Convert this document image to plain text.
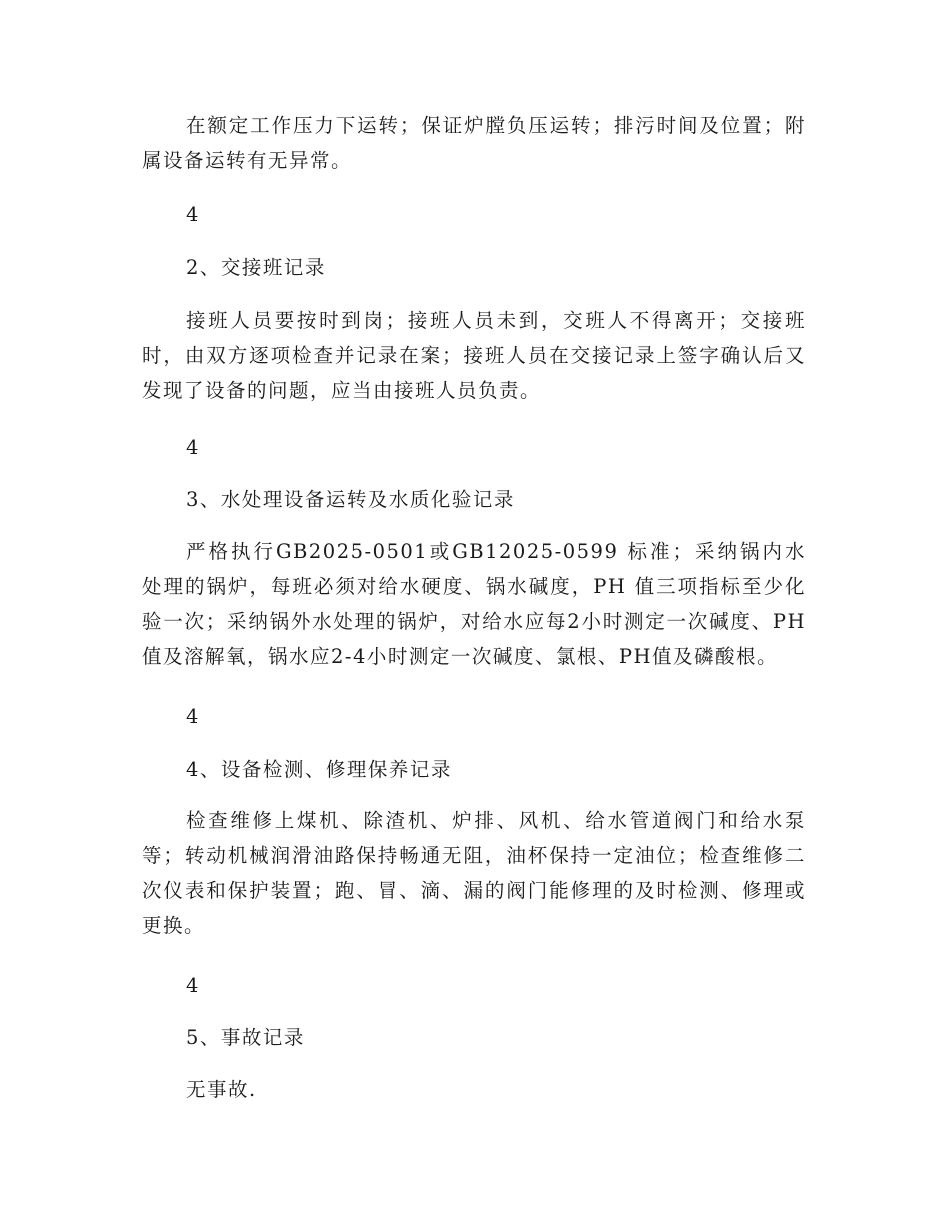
在额定工作压力下运转；保证炉膛负压运转；排污时间及位置；附属设备运转有无异常。

4

2、交接班记录

接班人员要按时到岗；接班人员未到，交班人不得离开；交接班时，由双方逐项检查并记录在案；接班人员在交接记录上签字确认后又发现了设备的问题，应当由接班人员负责。

4

3、水处理设备运转及水质化验记录

严格执行GB2025-0501或GB12025-0599 标准；采纳锅内水处理的锅炉，每班必须对给水硬度、锅水碱度，PH 值三项指标至少化验一次；采纳锅外水处理的锅炉，对给水应每2小时测定一次碱度、PH值及溶解氧，锅水应2-4小时测定一次碱度、氯根、PH值及磷酸根。

4

4、设备检测、修理保养记录

检查维修上煤机、除渣机、炉排、风机、给水管道阀门和给水泵等；转动机械润滑油路保持畅通无阻，油杯保持一定油位；检查维修二次仪表和保护装置；跑、冒、滴、漏的阀门能修理的及时检测、修理或更换。

4

5、事故记录

无事故.
